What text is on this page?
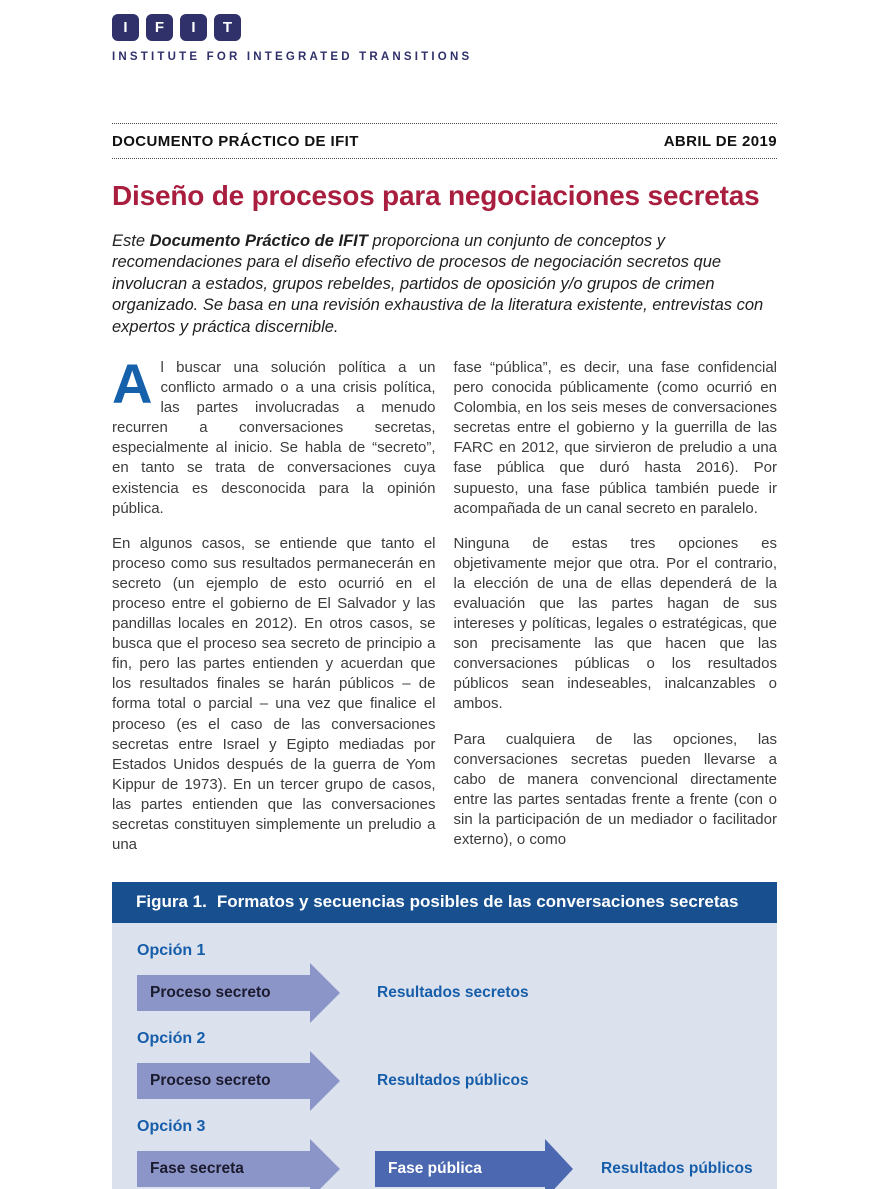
I	F	I	T
INSTITUTE FOR INTEGRATED TRANSITIONS
DOCUMENTO PRÁCTICO DE IFIT	ABRIL DE 2019
Diseño de procesos para negociaciones secretas

Este Documento Práctico de IFIT proporciona un conjunto de conceptos y recomendaciones para el diseño efectivo de procesos de negociación secretos que involucran a estados, grupos rebeldes, partidos de oposición y/o grupos de crimen organizado. Se basa en una revisión exhaustiva de la literatura existente, entrevistas con expertos y práctica discernible.

Al buscar una solución política a un conflicto armado o a una crisis política, las partes involucradas a menudo recurren a conversaciones secretas, especialmente al inicio. Se habla de “secreto”, en tanto se trata de conversaciones cuya existencia es desconocida para la opinión pública.

En algunos casos, se entiende que tanto el proceso como sus resultados permanecerán en secreto (un ejemplo de esto ocurrió en el proceso entre el gobierno de El Salvador y las pandillas locales en 2012). En otros casos, se busca que el proceso sea secreto de principio a fin, pero las partes entienden y acuerdan que los resultados finales se harán públicos – de forma total o parcial – una vez que finalice el proceso (es el caso de las conversaciones secretas entre Israel y Egipto mediadas por Estados Unidos después de la guerra de Yom Kippur de 1973). En un tercer grupo de casos, las partes entienden que las conversaciones secretas constituyen simplemente un preludio a una

fase “pública”, es decir, una fase confidencial pero conocida públicamente (como ocurrió en Colombia, en los seis meses de conversaciones secretas entre el gobierno y la guerrilla de las FARC en 2012, que sirvieron de preludio a una fase pública que duró hasta 2016). Por supuesto, una fase pública también puede ir acompañada de un canal secreto en paralelo.

Ninguna de estas tres opciones es objetivamente mejor que otra. Por el contrario, la elección de una de ellas dependerá de la evaluación que las partes hagan de sus intereses y políticas, legales o estratégicas, que son precisamente las que hacen que las conversaciones públicas o los resultados públicos sean indeseables, inalcanzables o ambos.

Para cualquiera de las opciones, las conversaciones secretas pueden llevarse a cabo de manera convencional directamente entre las partes sentadas frente a frente (con o sin la participación de un mediador o facilitador externo), o como

Figura 1. Formatos y secuencias posibles de las conversaciones secretas
Opción 1
Proceso secreto	Resultados secretos
Opción 2
Proceso secreto	Resultados públicos
Opción 3
Fase secreta	Fase pública	Resultados públicos
